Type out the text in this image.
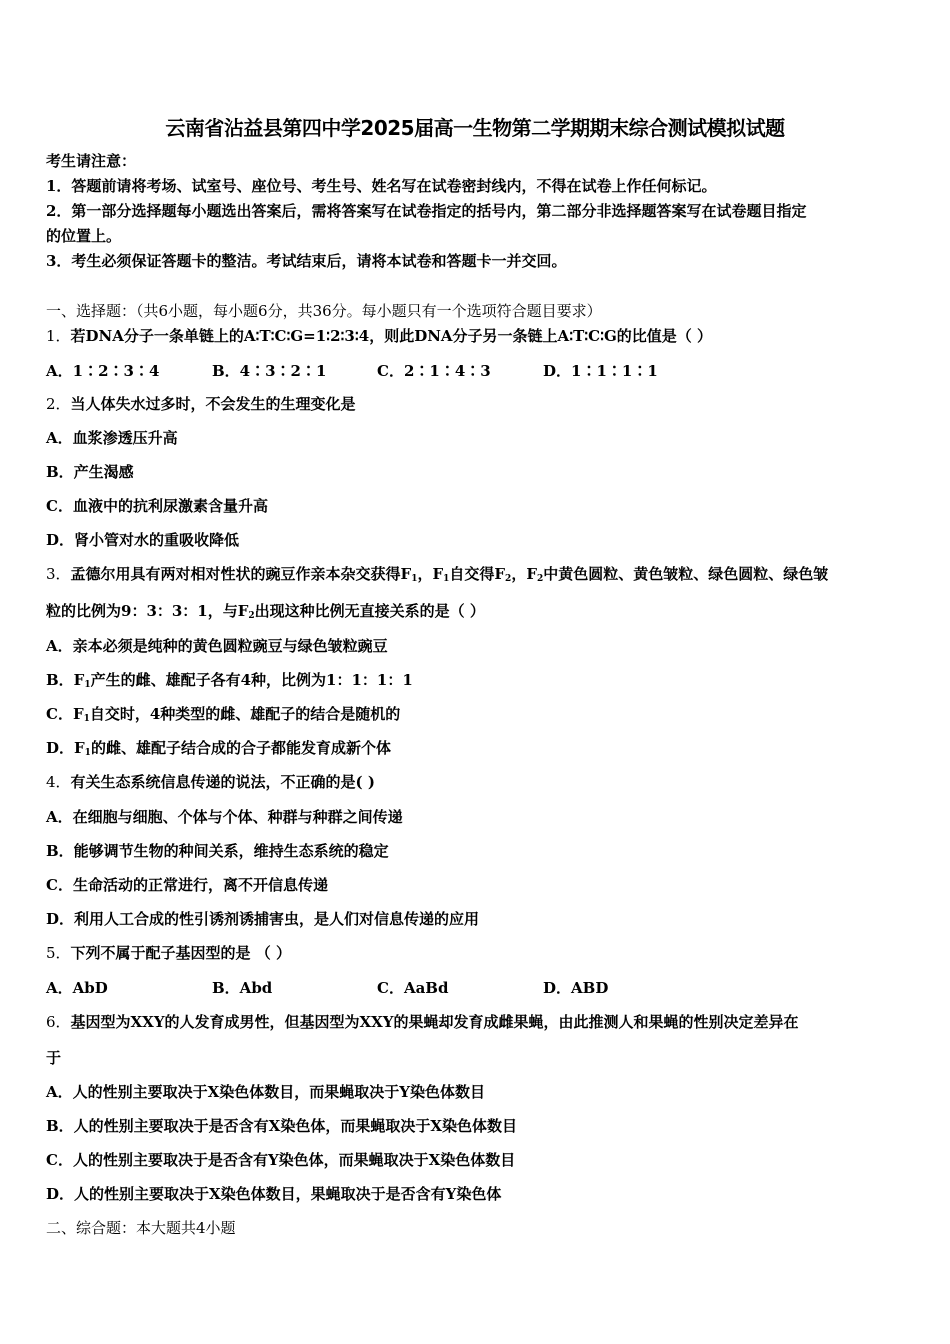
云南省沾益县第四中学2025届高一生物第二学期期末综合测试模拟试题
考生请注意：
1．答题前请将考场、试室号、座位号、考生号、姓名写在试卷密封线内，不得在试卷上作任何标记。
2．第一部分选择题每小题选出答案后，需将答案写在试卷指定的括号内，第二部分非选择题答案写在试卷题目指定
的位置上。
3．考生必须保证答题卡的整洁。考试结束后，请将本试卷和答题卡一并交回。
一、选择题：（共6小题，每小题6分，共36分。每小题只有一个选项符合题目要求）
1．若DNA分子一条单链上的A∶T∶C∶G=1∶2∶3∶4，则此DNA分子另一条链上A∶T∶C∶G的比值是（ ）
A．1∶2∶3∶4	B．4∶3∶2∶1	C．2∶1∶4∶3	D．1∶1∶1∶1
2．当人体失水过多时，不会发生的生理变化是
A．血浆渗透压升高
B．产生渴感
C．血液中的抗利尿激素含量升高
D．肾小管对水的重吸收降低
3．孟德尔用具有两对相对性状的豌豆作亲本杂交获得$F_1$，$F_1$自交得$F_2$，$F_2$中黄色圆粒、黄色皱粒、绿色圆粒、绿色皱
粒的比例为9：3：3：1，与$F_2$出现这种比例无直接关系的是（ ）
A．亲本必须是纯种的黄色圆粒豌豆与绿色皱粒豌豆
B．$F_1$产生的雌、雄配子各有4种，比例为1：1：1：1
C．$F_1$自交时，4种类型的雌、雄配子的结合是随机的
D．$F_1$的雌、雄配子结合成的合子都能发育成新个体
4．有关生态系统信息传递的说法，不正确的是( )
A．在细胞与细胞、个体与个体、种群与种群之间传递
B．能够调节生物的种间关系，维持生态系统的稳定
C．生命活动的正常进行，离不开信息传递
D．利用人工合成的性引诱剂诱捕害虫，是人们对信息传递的应用
5．下列不属于配子基因型的是 （ ）
A．AbD	B．Abd	C．AaBd	D．ABD
6．基因型为XXY的人发育成男性，但基因型为XXY的果蝇却发育成雌果蝇，由此推测人和果蝇的性别决定差异在
于
A．人的性别主要取决于X染色体数目，而果蝇取决于Y染色体数目
B．人的性别主要取决于是否含有X染色体，而果蝇取决于X染色体数目
C．人的性别主要取决于是否含有Y染色体，而果蝇取决于X染色体数目
D．人的性别主要取决于X染色体数目，果蝇取决于是否含有Y染色体
二、综合题：本大题共4小题
